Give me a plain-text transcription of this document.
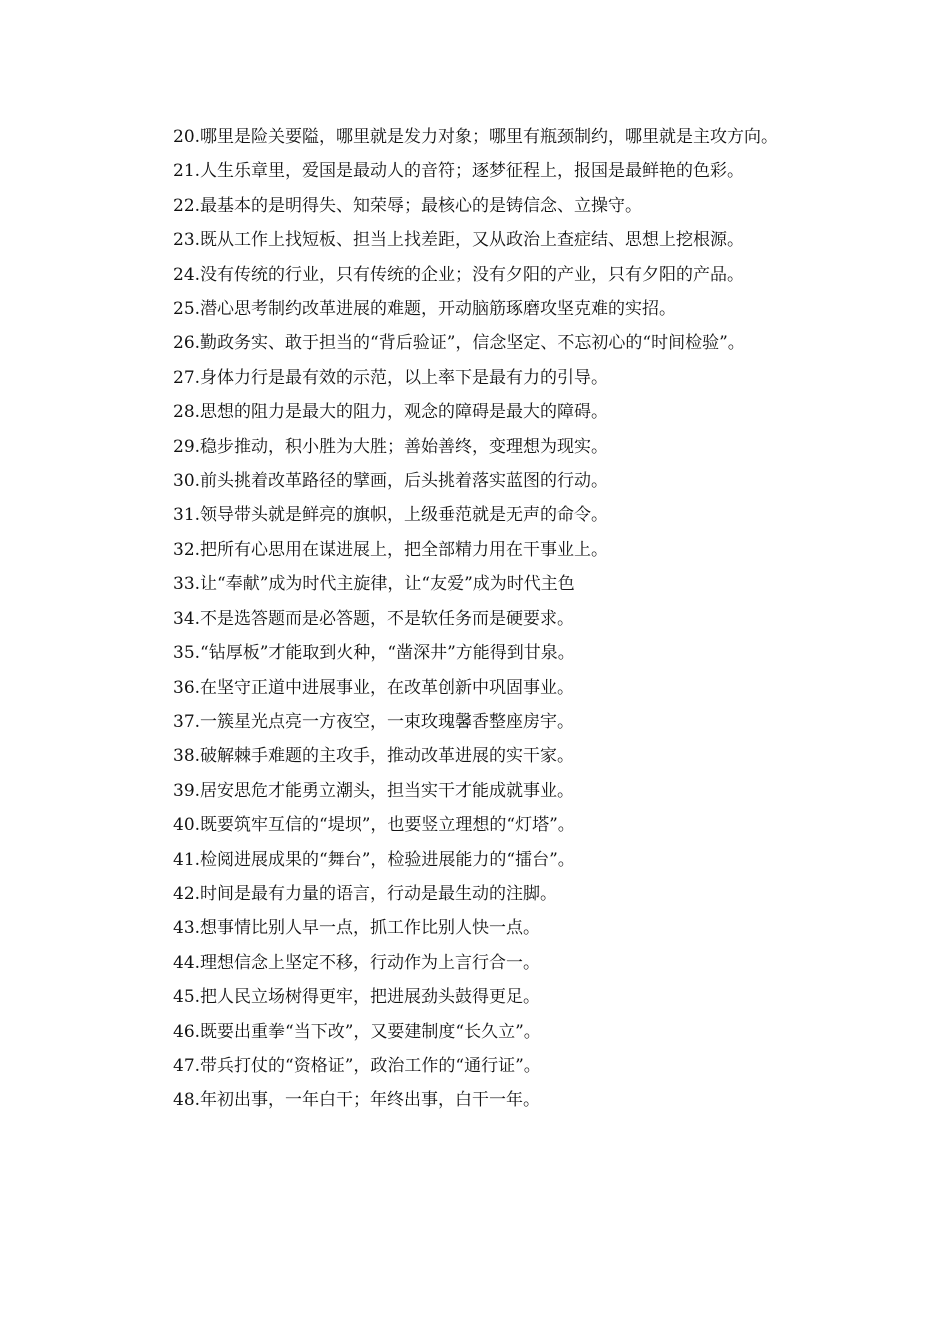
20.哪里是险关要隘，哪里就是发力对象；哪里有瓶颈制约，哪里就是主攻方向。

21.人生乐章里，爱国是最动人的音符；逐梦征程上，报国是最鲜艳的色彩。

22.最基本的是明得失、知荣辱；最核心的是铸信念、立操守。

23.既从工作上找短板、担当上找差距，又从政治上查症结、思想上挖根源。

24.没有传统的行业，只有传统的企业；没有夕阳的产业，只有夕阳的产品。

25.潜心思考制约改革进展的难题，开动脑筋琢磨攻坚克难的实招。

26.勤政务实、敢于担当的“背后验证”，信念坚定、不忘初心的“时间检验”。

27.身体力行是最有效的示范，以上率下是最有力的引导。

28.思想的阻力是最大的阻力，观念的障碍是最大的障碍。

29.稳步推动，积小胜为大胜；善始善终，变理想为现实。

30.前头挑着改革路径的擘画，后头挑着落实蓝图的行动。

31.领导带头就是鲜亮的旗帜，上级垂范就是无声的命令。

32.把所有心思用在谋进展上，把全部精力用在干事业上。

33.让“奉献”成为时代主旋律，让“友爱”成为时代主色

34.不是选答题而是必答题，不是软任务而是硬要求。

35.“钻厚板”才能取到火种，“凿深井”方能得到甘泉。

36.在坚守正道中进展事业，在改革创新中巩固事业。

37.一簇星光点亮一方夜空，一束玫瑰馨香整座房宇。

38.破解棘手难题的主攻手，推动改革进展的实干家。

39.居安思危才能勇立潮头，担当实干才能成就事业。

40.既要筑牢互信的“堤坝”，也要竖立理想的“灯塔”。

41.检阅进展成果的“舞台”，检验进展能力的“擂台”。

42.时间是最有力量的语言，行动是最生动的注脚。

43.想事情比别人早一点，抓工作比别人快一点。

44.理想信念上坚定不移，行动作为上言行合一。

45.把人民立场树得更牢，把进展劲头鼓得更足。

46.既要出重拳“当下改”，又要建制度“长久立”。

47.带兵打仗的“资格证”，政治工作的“通行证”。

48.年初出事，一年白干；年终出事，白干一年。
